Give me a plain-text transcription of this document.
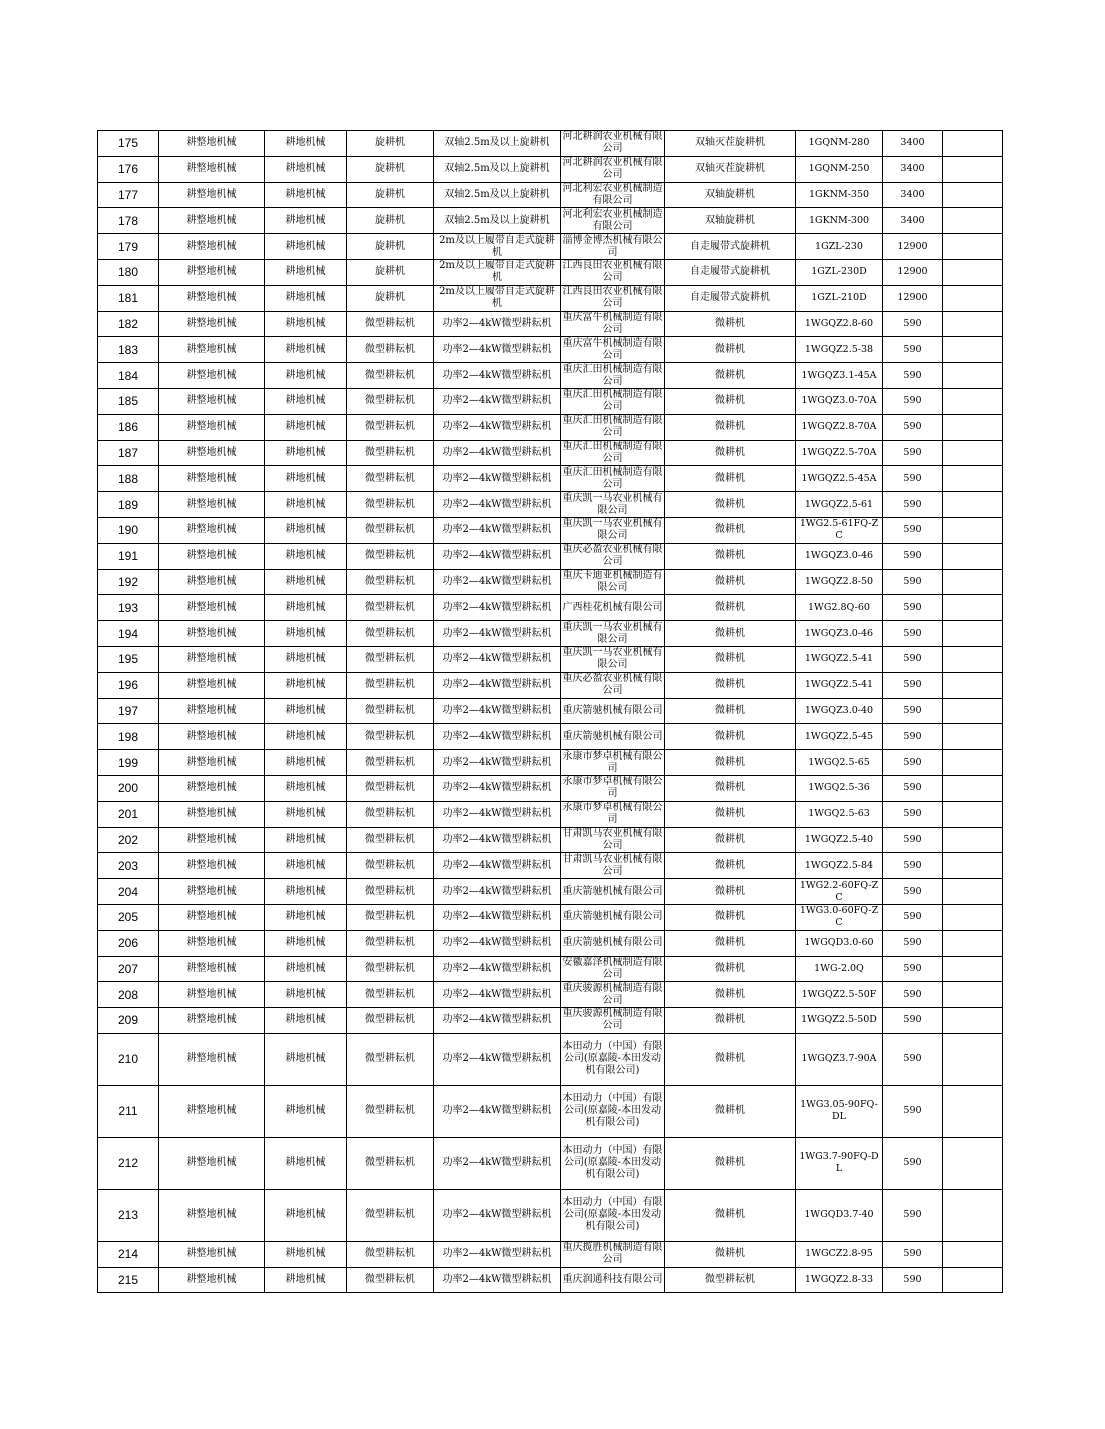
175	耕整地机械	耕地机械	旋耕机	双轴2.5m及以上旋耕机	河北耕润农业机械有限公司	双轴灭茬旋耕机	1GQNM-280	3400	
176	耕整地机械	耕地机械	旋耕机	双轴2.5m及以上旋耕机	河北耕润农业机械有限公司	双轴灭茬旋耕机	1GQNM-250	3400	
177	耕整地机械	耕地机械	旋耕机	双轴2.5m及以上旋耕机	河北利宏农业机械制造有限公司	双轴旋耕机	1GKNM-350	3400	
178	耕整地机械	耕地机械	旋耕机	双轴2.5m及以上旋耕机	河北利宏农业机械制造有限公司	双轴旋耕机	1GKNM-300	3400	
179	耕整地机械	耕地机械	旋耕机	2m及以上履带自走式旋耕机	淄博金博杰机械有限公司	自走履带式旋耕机	1GZL-230	12900	
180	耕整地机械	耕地机械	旋耕机	2m及以上履带自走式旋耕机	江西良田农业机械有限公司	自走履带式旋耕机	1GZL-230D	12900	
181	耕整地机械	耕地机械	旋耕机	2m及以上履带自走式旋耕机	江西良田农业机械有限公司	自走履带式旋耕机	1GZL-210D	12900	
182	耕整地机械	耕地机械	微型耕耘机	功率2—4kW微型耕耘机	重庆富牛机械制造有限公司	微耕机	1WGQZ2.8-60	590	
183	耕整地机械	耕地机械	微型耕耘机	功率2—4kW微型耕耘机	重庆富牛机械制造有限公司	微耕机	1WGQZ2.5-38	590	
184	耕整地机械	耕地机械	微型耕耘机	功率2—4kW微型耕耘机	重庆汇田机械制造有限公司	微耕机	1WGQZ3.1-45A	590	
185	耕整地机械	耕地机械	微型耕耘机	功率2—4kW微型耕耘机	重庆汇田机械制造有限公司	微耕机	1WGQZ3.0-70A	590	
186	耕整地机械	耕地机械	微型耕耘机	功率2—4kW微型耕耘机	重庆汇田机械制造有限公司	微耕机	1WGQZ2.8-70A	590	
187	耕整地机械	耕地机械	微型耕耘机	功率2—4kW微型耕耘机	重庆汇田机械制造有限公司	微耕机	1WGQZ2.5-70A	590	
188	耕整地机械	耕地机械	微型耕耘机	功率2—4kW微型耕耘机	重庆汇田机械制造有限公司	微耕机	1WGQZ2.5-45A	590	
189	耕整地机械	耕地机械	微型耕耘机	功率2—4kW微型耕耘机	重庆凯一马农业机械有限公司	微耕机	1WGQZ2.5-61	590	
190	耕整地机械	耕地机械	微型耕耘机	功率2—4kW微型耕耘机	重庆凯一马农业机械有限公司	微耕机	1WG2.5-61FQ-ZC	590	
191	耕整地机械	耕地机械	微型耕耘机	功率2—4kW微型耕耘机	重庆必盈农业机械有限公司	微耕机	1WGQZ3.0-46	590	
192	耕整地机械	耕地机械	微型耕耘机	功率2—4kW微型耕耘机	重庆卡迪亚机械制造有限公司	微耕机	1WGQZ2.8-50	590	
193	耕整地机械	耕地机械	微型耕耘机	功率2—4kW微型耕耘机	广西桂花机械有限公司	微耕机	1WG2.8Q-60	590	
194	耕整地机械	耕地机械	微型耕耘机	功率2—4kW微型耕耘机	重庆凯一马农业机械有限公司	微耕机	1WGQZ3.0-46	590	
195	耕整地机械	耕地机械	微型耕耘机	功率2—4kW微型耕耘机	重庆凯一马农业机械有限公司	微耕机	1WGQZ2.5-41	590	
196	耕整地机械	耕地机械	微型耕耘机	功率2—4kW微型耕耘机	重庆必盈农业机械有限公司	微耕机	1WGQZ2.5-41	590	
197	耕整地机械	耕地机械	微型耕耘机	功率2—4kW微型耕耘机	重庆箭驰机械有限公司	微耕机	1WGQZ3.0-40	590	
198	耕整地机械	耕地机械	微型耕耘机	功率2—4kW微型耕耘机	重庆箭驰机械有限公司	微耕机	1WGQZ2.5-45	590	
199	耕整地机械	耕地机械	微型耕耘机	功率2—4kW微型耕耘机	永康市梦卓机械有限公司	微耕机	1WGQ2.5-65	590	
200	耕整地机械	耕地机械	微型耕耘机	功率2—4kW微型耕耘机	永康市梦卓机械有限公司	微耕机	1WGQ2.5-36	590	
201	耕整地机械	耕地机械	微型耕耘机	功率2—4kW微型耕耘机	永康市梦卓机械有限公司	微耕机	1WGQ2.5-63	590	
202	耕整地机械	耕地机械	微型耕耘机	功率2—4kW微型耕耘机	甘肃凯马农业机械有限公司	微耕机	1WGQZ2.5-40	590	
203	耕整地机械	耕地机械	微型耕耘机	功率2—4kW微型耕耘机	甘肃凯马农业机械有限公司	微耕机	1WGQZ2.5-84	590	
204	耕整地机械	耕地机械	微型耕耘机	功率2—4kW微型耕耘机	重庆箭驰机械有限公司	微耕机	1WG2.2-60FQ-ZC	590	
205	耕整地机械	耕地机械	微型耕耘机	功率2—4kW微型耕耘机	重庆箭驰机械有限公司	微耕机	1WG3.0-60FQ-ZC	590	
206	耕整地机械	耕地机械	微型耕耘机	功率2—4kW微型耕耘机	重庆箭驰机械有限公司	微耕机	1WGQD3.0-60	590	
207	耕整地机械	耕地机械	微型耕耘机	功率2—4kW微型耕耘机	安徽嘉泽机械制造有限公司	微耕机	1WG-2.0Q	590	
208	耕整地机械	耕地机械	微型耕耘机	功率2—4kW微型耕耘机	重庆骏源机械制造有限公司	微耕机	1WGQZ2.5-50F	590	
209	耕整地机械	耕地机械	微型耕耘机	功率2—4kW微型耕耘机	重庆骏源机械制造有限公司	微耕机	1WGQZ2.5-50D	590	
210	耕整地机械	耕地机械	微型耕耘机	功率2—4kW微型耕耘机	本田动力（中国）有限公司(原嘉陵-本田发动机有限公司)	微耕机	1WGQZ3.7-90A	590	
211	耕整地机械	耕地机械	微型耕耘机	功率2—4kW微型耕耘机	本田动力（中国）有限公司(原嘉陵-本田发动机有限公司)	微耕机	1WG3.05-90FQ-DL	590	
212	耕整地机械	耕地机械	微型耕耘机	功率2—4kW微型耕耘机	本田动力（中国）有限公司(原嘉陵-本田发动机有限公司)	微耕机	1WG3.7-90FQ-DL	590	
213	耕整地机械	耕地机械	微型耕耘机	功率2—4kW微型耕耘机	本田动力（中国）有限公司(原嘉陵-本田发动机有限公司)	微耕机	1WGQD3.7-40	590	
214	耕整地机械	耕地机械	微型耕耘机	功率2—4kW微型耕耘机	重庆揽胜机械制造有限公司	微耕机	1WGCZ2.8-95	590	
215	耕整地机械	耕地机械	微型耕耘机	功率2—4kW微型耕耘机	重庆润通科技有限公司	微型耕耘机	1WGQZ2.8-33	590	
